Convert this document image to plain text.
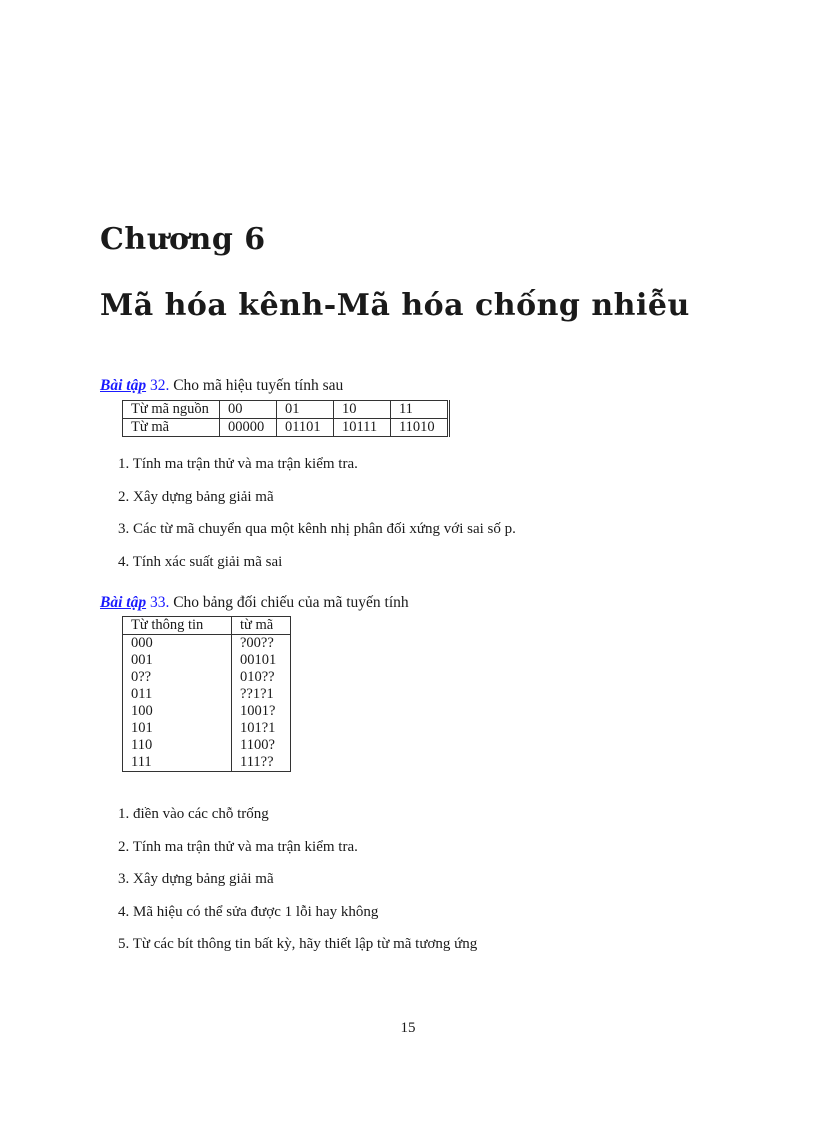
Chương 6
Mã hóa kênh-Mã hóa chống nhiễu
Bài tập 32. Cho mã hiệu tuyến tính sau
Từ mã nguồn	00	01	10	11
Từ mã	00000	01101	10111	11010
1. Tính ma trận thử và ma trận kiểm tra.
2. Xây dựng bảng giải mã
3. Các từ mã chuyển qua một kênh nhị phân đối xứng với sai số p.
4. Tính xác suất giải mã sai
Bài tập 33. Cho bảng đối chiếu của mã tuyến tính
Từ thông tin	từ mã
000	?00??
001	00101
0??	010??
011	??1?1
100	1001?
101	101?1
110	1100?
111	111??
1. điền vào các chỗ trống
2. Tính ma trận thử và ma trận kiểm tra.
3. Xây dựng bảng giải mã
4. Mã hiệu có thể sửa được 1 lỗi hay không
5. Từ các bít thông tin bất kỳ, hãy thiết lập từ mã tương ứng
15
